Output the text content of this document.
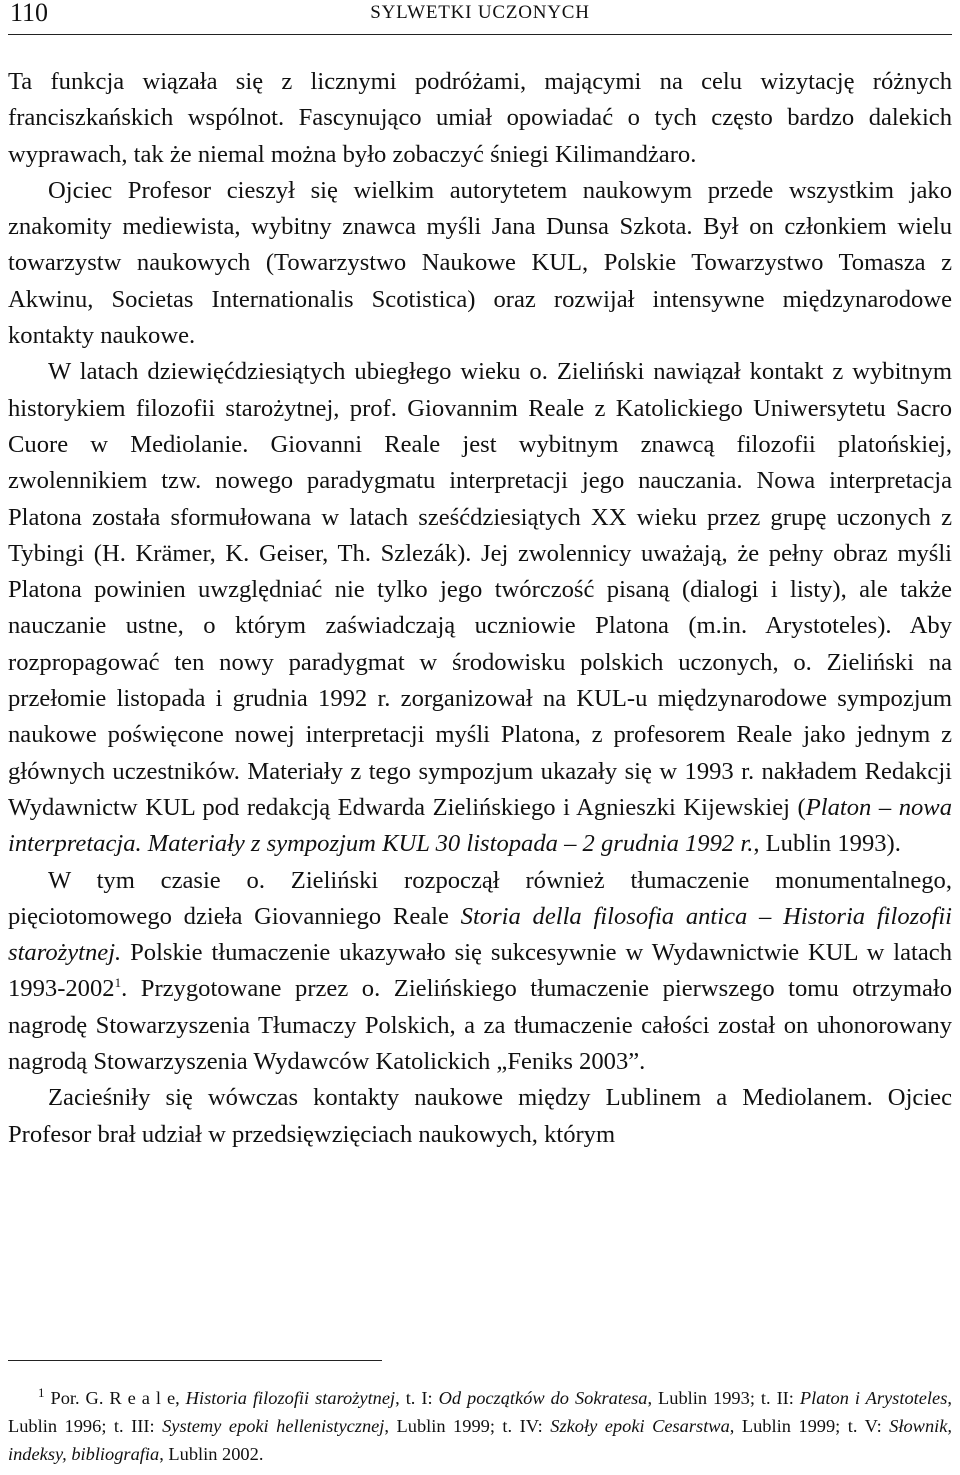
110	SYLWETKI UCZONYCH

Ta funkcja wiązała się z licznymi podróżami, mającymi na celu wizytację różnych franciszkańskich wspólnot. Fascynująco umiał opowiadać o tych często bardzo dalekich wyprawach, tak że niemal można było zobaczyć śniegi Kilimandżaro.

Ojciec Profesor cieszył się wielkim autorytetem naukowym przede wszystkim jako znakomity mediewista, wybitny znawca myśli Jana Dunsa Szkota. Był on członkiem wielu towarzystw naukowych (Towarzystwo Naukowe KUL, Polskie Towarzystwo Tomasza z Akwinu, Societas Internationalis Scotistica) oraz rozwijał intensywne międzynarodowe kontakty naukowe.

W latach dziewięćdziesiątych ubiegłego wieku o. Zieliński nawiązał kontakt z wybitnym historykiem filozofii starożytnej, prof. Giovannim Reale z Katolickiego Uniwersytetu Sacro Cuore w Mediolanie. Giovanni Reale jest wybitnym znawcą filozofii platońskiej, zwolennikiem tzw. nowego paradygmatu interpretacji jego nauczania. Nowa interpretacja Platona została sformułowana w latach sześćdziesiątych XX wieku przez grupę uczonych z Tybingi (H. Krämer, K. Geiser, Th. Szlezák). Jej zwolennicy uważają, że pełny obraz myśli Platona powinien uwzględniać nie tylko jego twórczość pisaną (dialogi i listy), ale także nauczanie ustne, o którym zaświadczają uczniowie Platona (m.in. Arystoteles). Aby rozpropagować ten nowy paradygmat w środowisku polskich uczonych, o. Zieliński na przełomie listopada i grudnia 1992 r. zorganizował na KUL-u międzynarodowe sympozjum naukowe poświęcone nowej interpretacji myśli Platona, z profesorem Reale jako jednym z głównych uczestników. Materiały z tego sympozjum ukazały się w 1993 r. nakładem Redakcji Wydawnictw KUL pod redakcją Edwarda Zielińskiego i Agnieszki Kijewskiej (Platon – nowa interpretacja. Materiały z sympozjum KUL 30 listopada – 2 grudnia 1992 r., Lublin 1993).

W tym czasie o. Zieliński rozpoczął również tłumaczenie monumentalnego, pięciotomowego dzieła Giovanniego Reale Storia della filosofia antica – Historia filozofii starożytnej. Polskie tłumaczenie ukazywało się sukcesywnie w Wydawnictwie KUL w latach 1993-2002$^1$. Przygotowane przez o. Zielińskiego tłumaczenie pierwszego tomu otrzymało nagrodę Stowarzyszenia Tłumaczy Polskich, a za tłumaczenie całości został on uhonorowany nagrodą Stowarzyszenia Wydawców Katolickich „Feniks 2003”.

Zacieśniły się wówczas kontakty naukowe między Lublinem a Mediolanem. Ojciec Profesor brał udział w przedsięwzięciach naukowych, którym

$^1$ Por. G. R e a l e, Historia filozofii starożytnej, t. I: Od początków do Sokratesa, Lublin 1993; t. II: Platon i Arystoteles, Lublin 1996; t. III: Systemy epoki hellenistycznej, Lublin 1999; t. IV: Szkoły epoki Cesarstwa, Lublin 1999; t. V: Słownik, indeksy, bibliografia, Lublin 2002.
